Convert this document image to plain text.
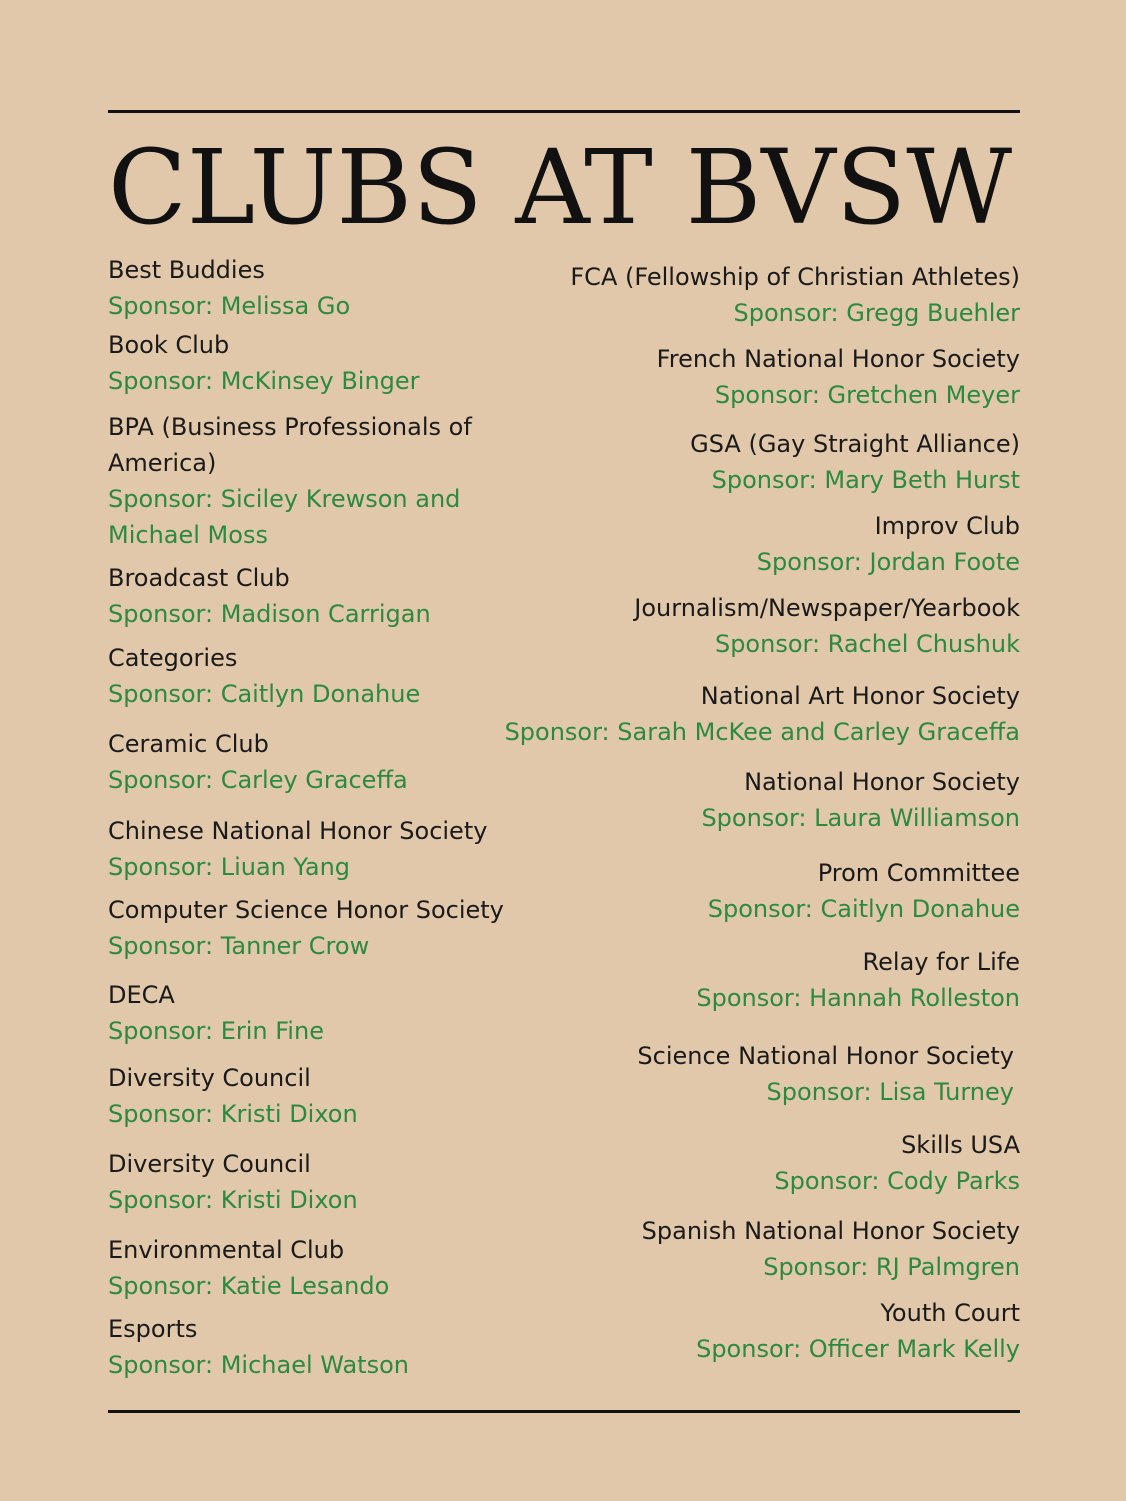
CLUBS AT BVSW
Best Buddies
Sponsor: Melissa Go
Book Club
Sponsor: McKinsey Binger
BPA (Business Professionals of America)
Sponsor: Siciley Krewson and Michael Moss
Broadcast Club
Sponsor: Madison Carrigan
Categories
Sponsor: Caitlyn Donahue
Ceramic Club
Sponsor: Carley Graceffa
Chinese National Honor Society
Sponsor: Liuan Yang
Computer Science Honor Society
Sponsor: Tanner Crow
DECA
Sponsor: Erin Fine
Diversity Council
Sponsor: Kristi Dixon
Diversity Council
Sponsor: Kristi Dixon
Environmental Club
Sponsor: Katie Lesando
Esports
Sponsor: Michael Watson
FCA (Fellowship of Christian Athletes)
Sponsor: Gregg Buehler
French National Honor Society
Sponsor: Gretchen Meyer
GSA (Gay Straight Alliance)
Sponsor: Mary Beth Hurst
Improv Club
Sponsor: Jordan Foote
Journalism/Newspaper/Yearbook
Sponsor: Rachel Chushuk
National Art Honor Society
Sponsor: Sarah McKee and Carley Graceffa
National Honor Society
Sponsor: Laura Williamson
Prom Committee
Sponsor: Caitlyn Donahue
Relay for Life
Sponsor: Hannah Rolleston
Science National Honor Society
Sponsor: Lisa Turney
Skills USA
Sponsor: Cody Parks
Spanish National Honor Society
Sponsor: RJ Palmgren
Youth Court
Sponsor: Officer Mark Kelly
